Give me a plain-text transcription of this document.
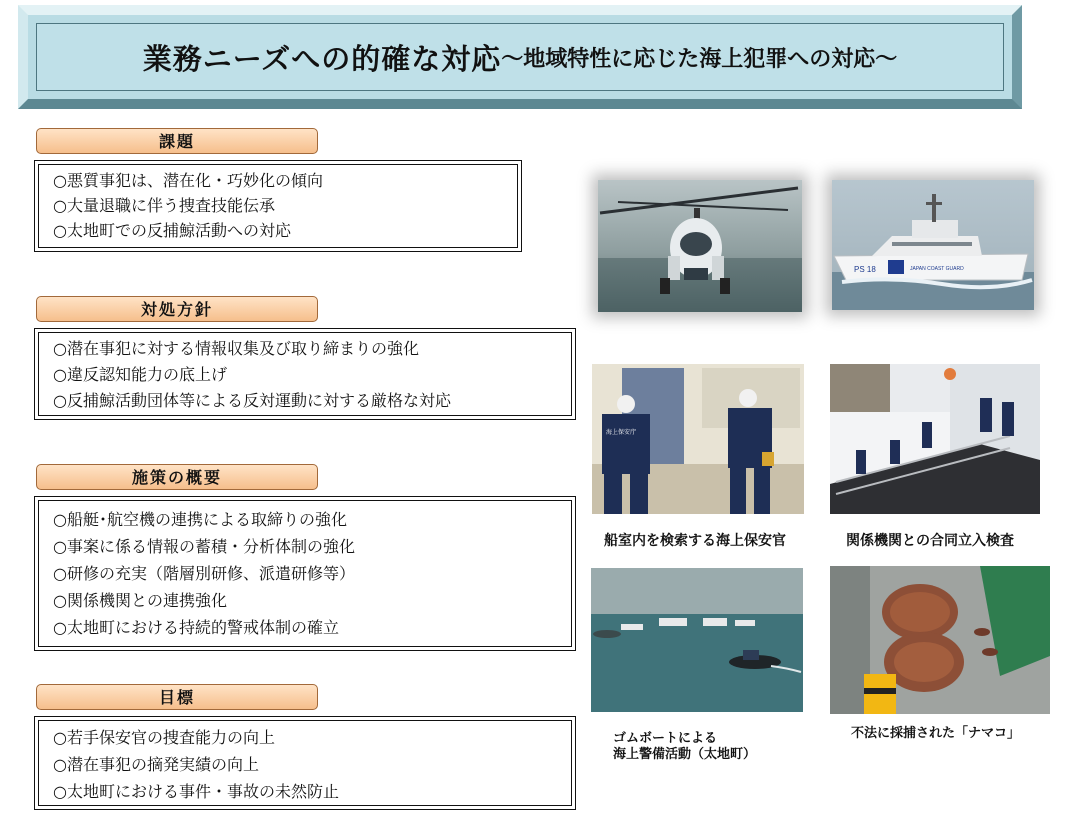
業務ニーズへの的確な対応 ～地域特性に応じた海上犯罪への対応～
課題
○悪質事犯は、潜在化・巧妙化の傾向
○大量退職に伴う捜査技能伝承
○太地町での反捕鯨活動への対応
対処方針
○潜在事犯に対する情報収集及び取り締まりの強化
○違反認知能力の底上げ
○反捕鯨活動団体等による反対運動に対する厳格な対応
施策の概要
○船艇･航空機の連携による取締りの強化
○事案に係る情報の蓄積・分析体制の強化
○研修の充実（階層別研修、派遣研修等）
○関係機関との連携強化
○太地町における持続的警戒体制の確立
目標
○若手保安官の捜査能力の向上
○潜在事犯の摘発実績の向上
○太地町における事件・事故の未然防止
PS 18	JAPAN COAST GUARD
海上保安庁
船室内を検索する海上保安官	関係機関との合同立入検査
ゴムボートによる
海上警備活動（太地町）
不法に採捕された「ナマコ」
